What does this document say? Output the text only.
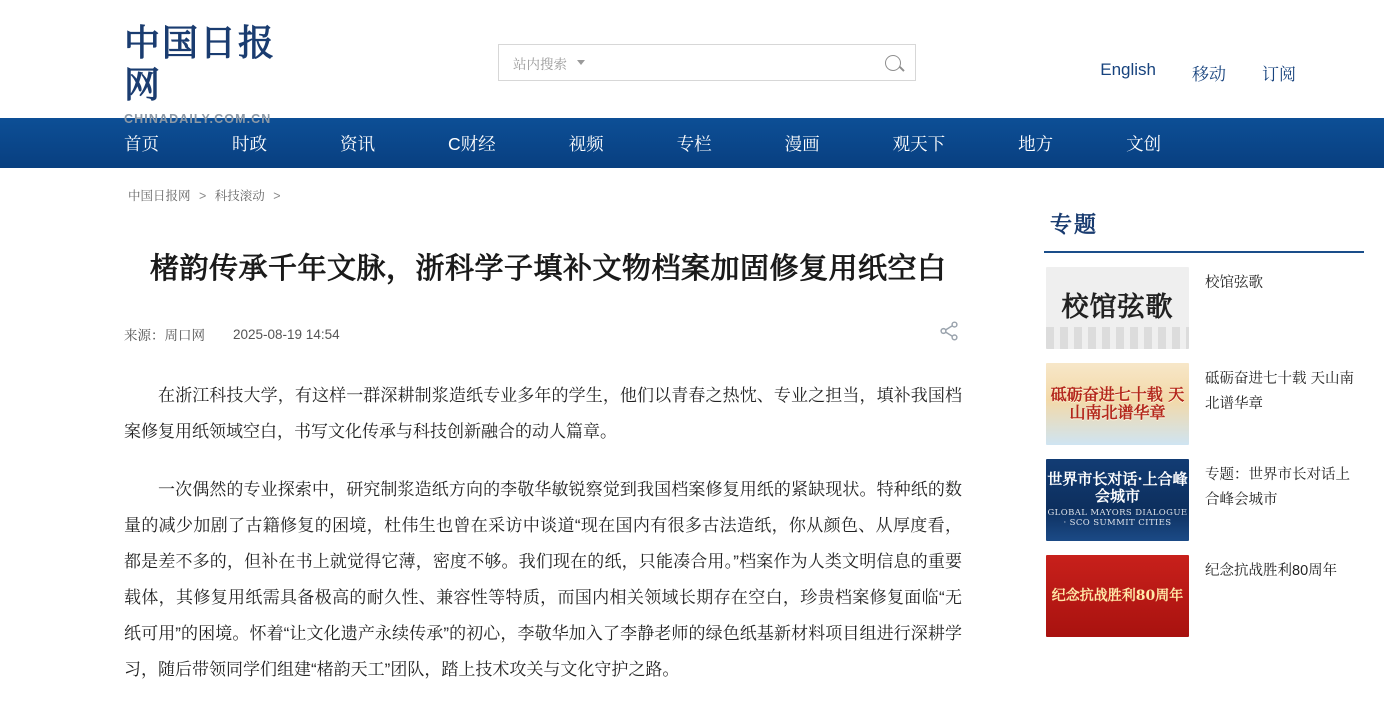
中国日报网
CHINADAILY.COM.CN
站内搜索	English 移动 订阅
首页	时政	资讯	C财经	视频	专栏	漫画	观天下	地方	文创
中国日报网 > 科技滚动 >
楮韵传承千年文脉，浙科学子填补文物档案加固修复用纸空白
来源：周口网 2025-08-19 14:54

在浙江科技大学，有这样一群深耕制浆造纸专业多年的学生，他们以青春之热忱、专业之担当，填补我国档案修复用纸领域空白，书写文化传承与科技创新融合的动人篇章。

一次偶然的专业探索中，研究制浆造纸方向的李敬华敏锐察觉到我国档案修复用纸的紧缺现状。特种纸的数量的减少加剧了古籍修复的困境，杜伟生也曾在采访中谈道“现在国内有很多古法造纸，你从颜色、从厚度看，都是差不多的，但补在书上就觉得它薄，密度不够。我们现在的纸，只能凑合用。”档案作为人类文明信息的重要载体，其修复用纸需具备极高的耐久性、兼容性等特质，而国内相关领域长期存在空白，珍贵档案修复面临“无纸可用”的困境。怀着“让文化遗产永续传承”的初心，李敬华加入了李静老师的绿色纸基新材料项目组进行深耕学习，随后带领同学们组建“楮韵天工”团队，踏上技术攻关与文化守护之路。

专题
校馆弦歌
校馆弦歌
砥砺奋进七十载 天山南北谱华章
砥砺奋进七十载 天山南北谱华章
世界市长对话·上合峰会城市
GLOBAL MAYORS DIALOGUE · SCO SUMMIT CITIES
专题：世界市长对话上合峰会城市
纪念抗战胜利80周年
纪念抗战胜利80周年
